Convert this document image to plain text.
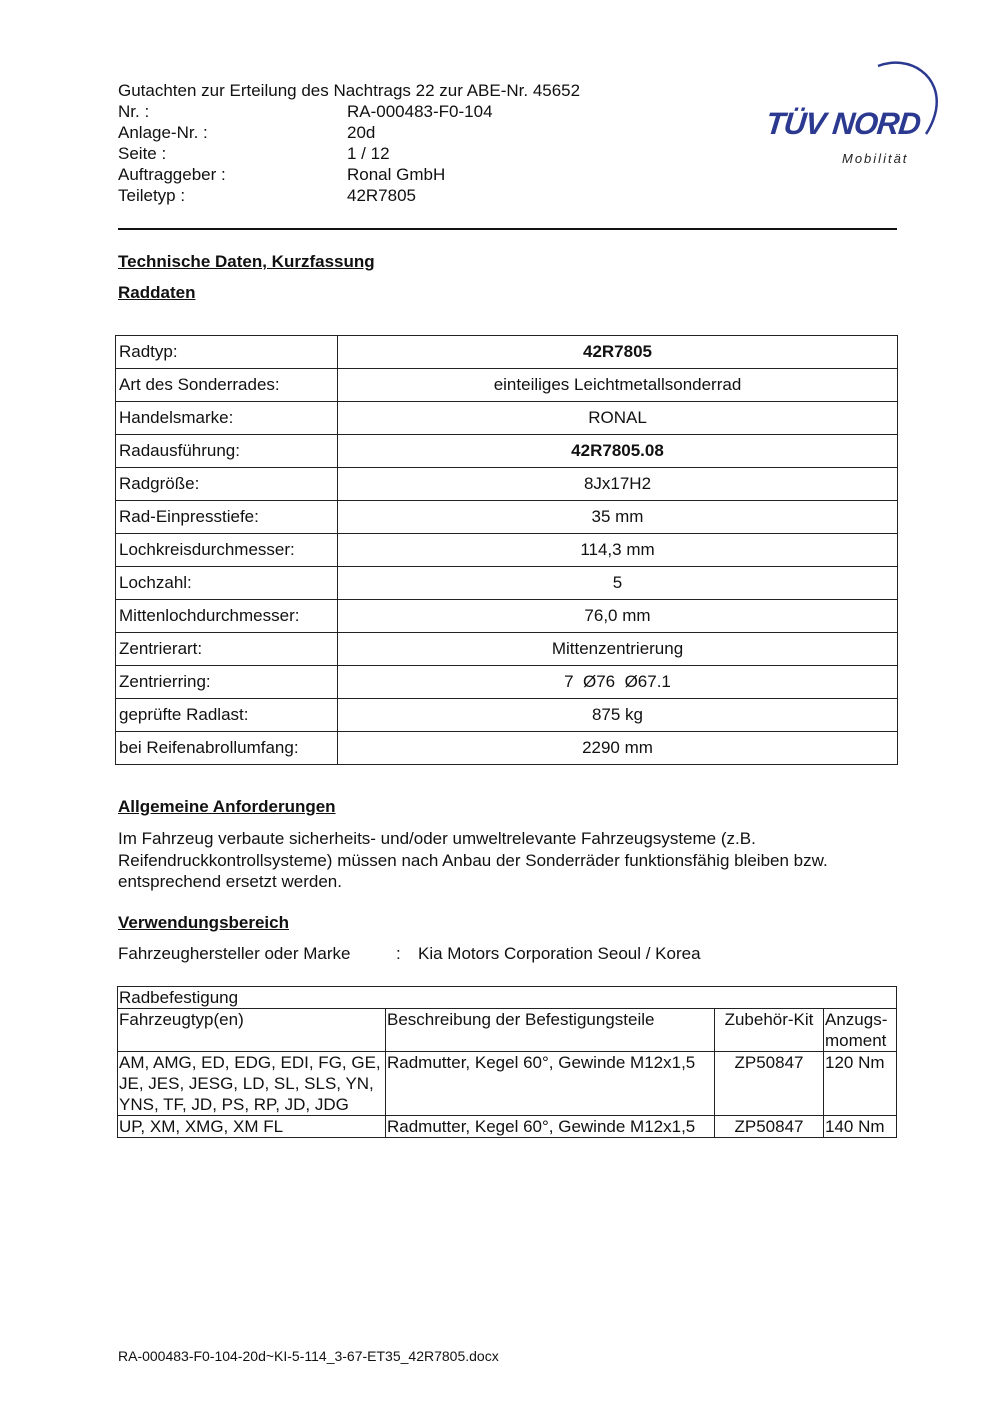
Gutachten zur Erteilung des Nachtrags 22 zur ABE-Nr. 45652
Nr. :	RA-000483-F0-104
Anlage-Nr. :	20d
Seite :	1 / 12
Auftraggeber :	Ronal GmbH
Teiletyp :	42R7805
TÜV NORD
Mobilität
Technische Daten, Kurzfassung
Raddaten
Radtyp:	42R7805
Art des Sonderrades:	einteiliges Leichtmetallsonderrad
Handelsmarke:	RONAL
Radausführung:	42R7805.08
Radgröße:	8Jx17H2
Rad-Einpresstiefe:	35 mm
Lochkreisdurchmesser:	114,3 mm
Lochzahl:	5
Mittenlochdurchmesser:	76,0 mm
Zentrierart:	Mittenzentrierung
Zentrierring:	7  Ø76  Ø67.1
geprüfte Radlast:	875 kg
bei Reifenabrollumfang:	2290 mm
Allgemeine Anforderungen
Im Fahrzeug verbaute sicherheits- und/oder umweltrelevante Fahrzeugsysteme (z.B. Reifendruckkontrollsysteme) müssen nach Anbau der Sonderräder funktionsfähig bleiben bzw. entsprechend ersetzt werden.
Verwendungsbereich
Fahrzeughersteller oder Marke	:	Kia Motors Corporation Seoul / Korea
Radbefestigung			
Fahrzeugtyp(en)	Beschreibung der Befestigungsteile	Zubehör-Kit	Anzugs-moment
AM, AMG, ED, EDG, EDI, FG, GE, JE, JES, JESG, LD, SL, SLS, YN, YNS, TF, JD, PS, RP, JD, JDG	Radmutter, Kegel 60°, Gewinde M12x1,5	ZP50847	120 Nm
UP, XM, XMG, XM FL	Radmutter, Kegel 60°, Gewinde M12x1,5	ZP50847	140 Nm
RA-000483-F0-104-20d~KI-5-114_3-67-ET35_42R7805.docx
